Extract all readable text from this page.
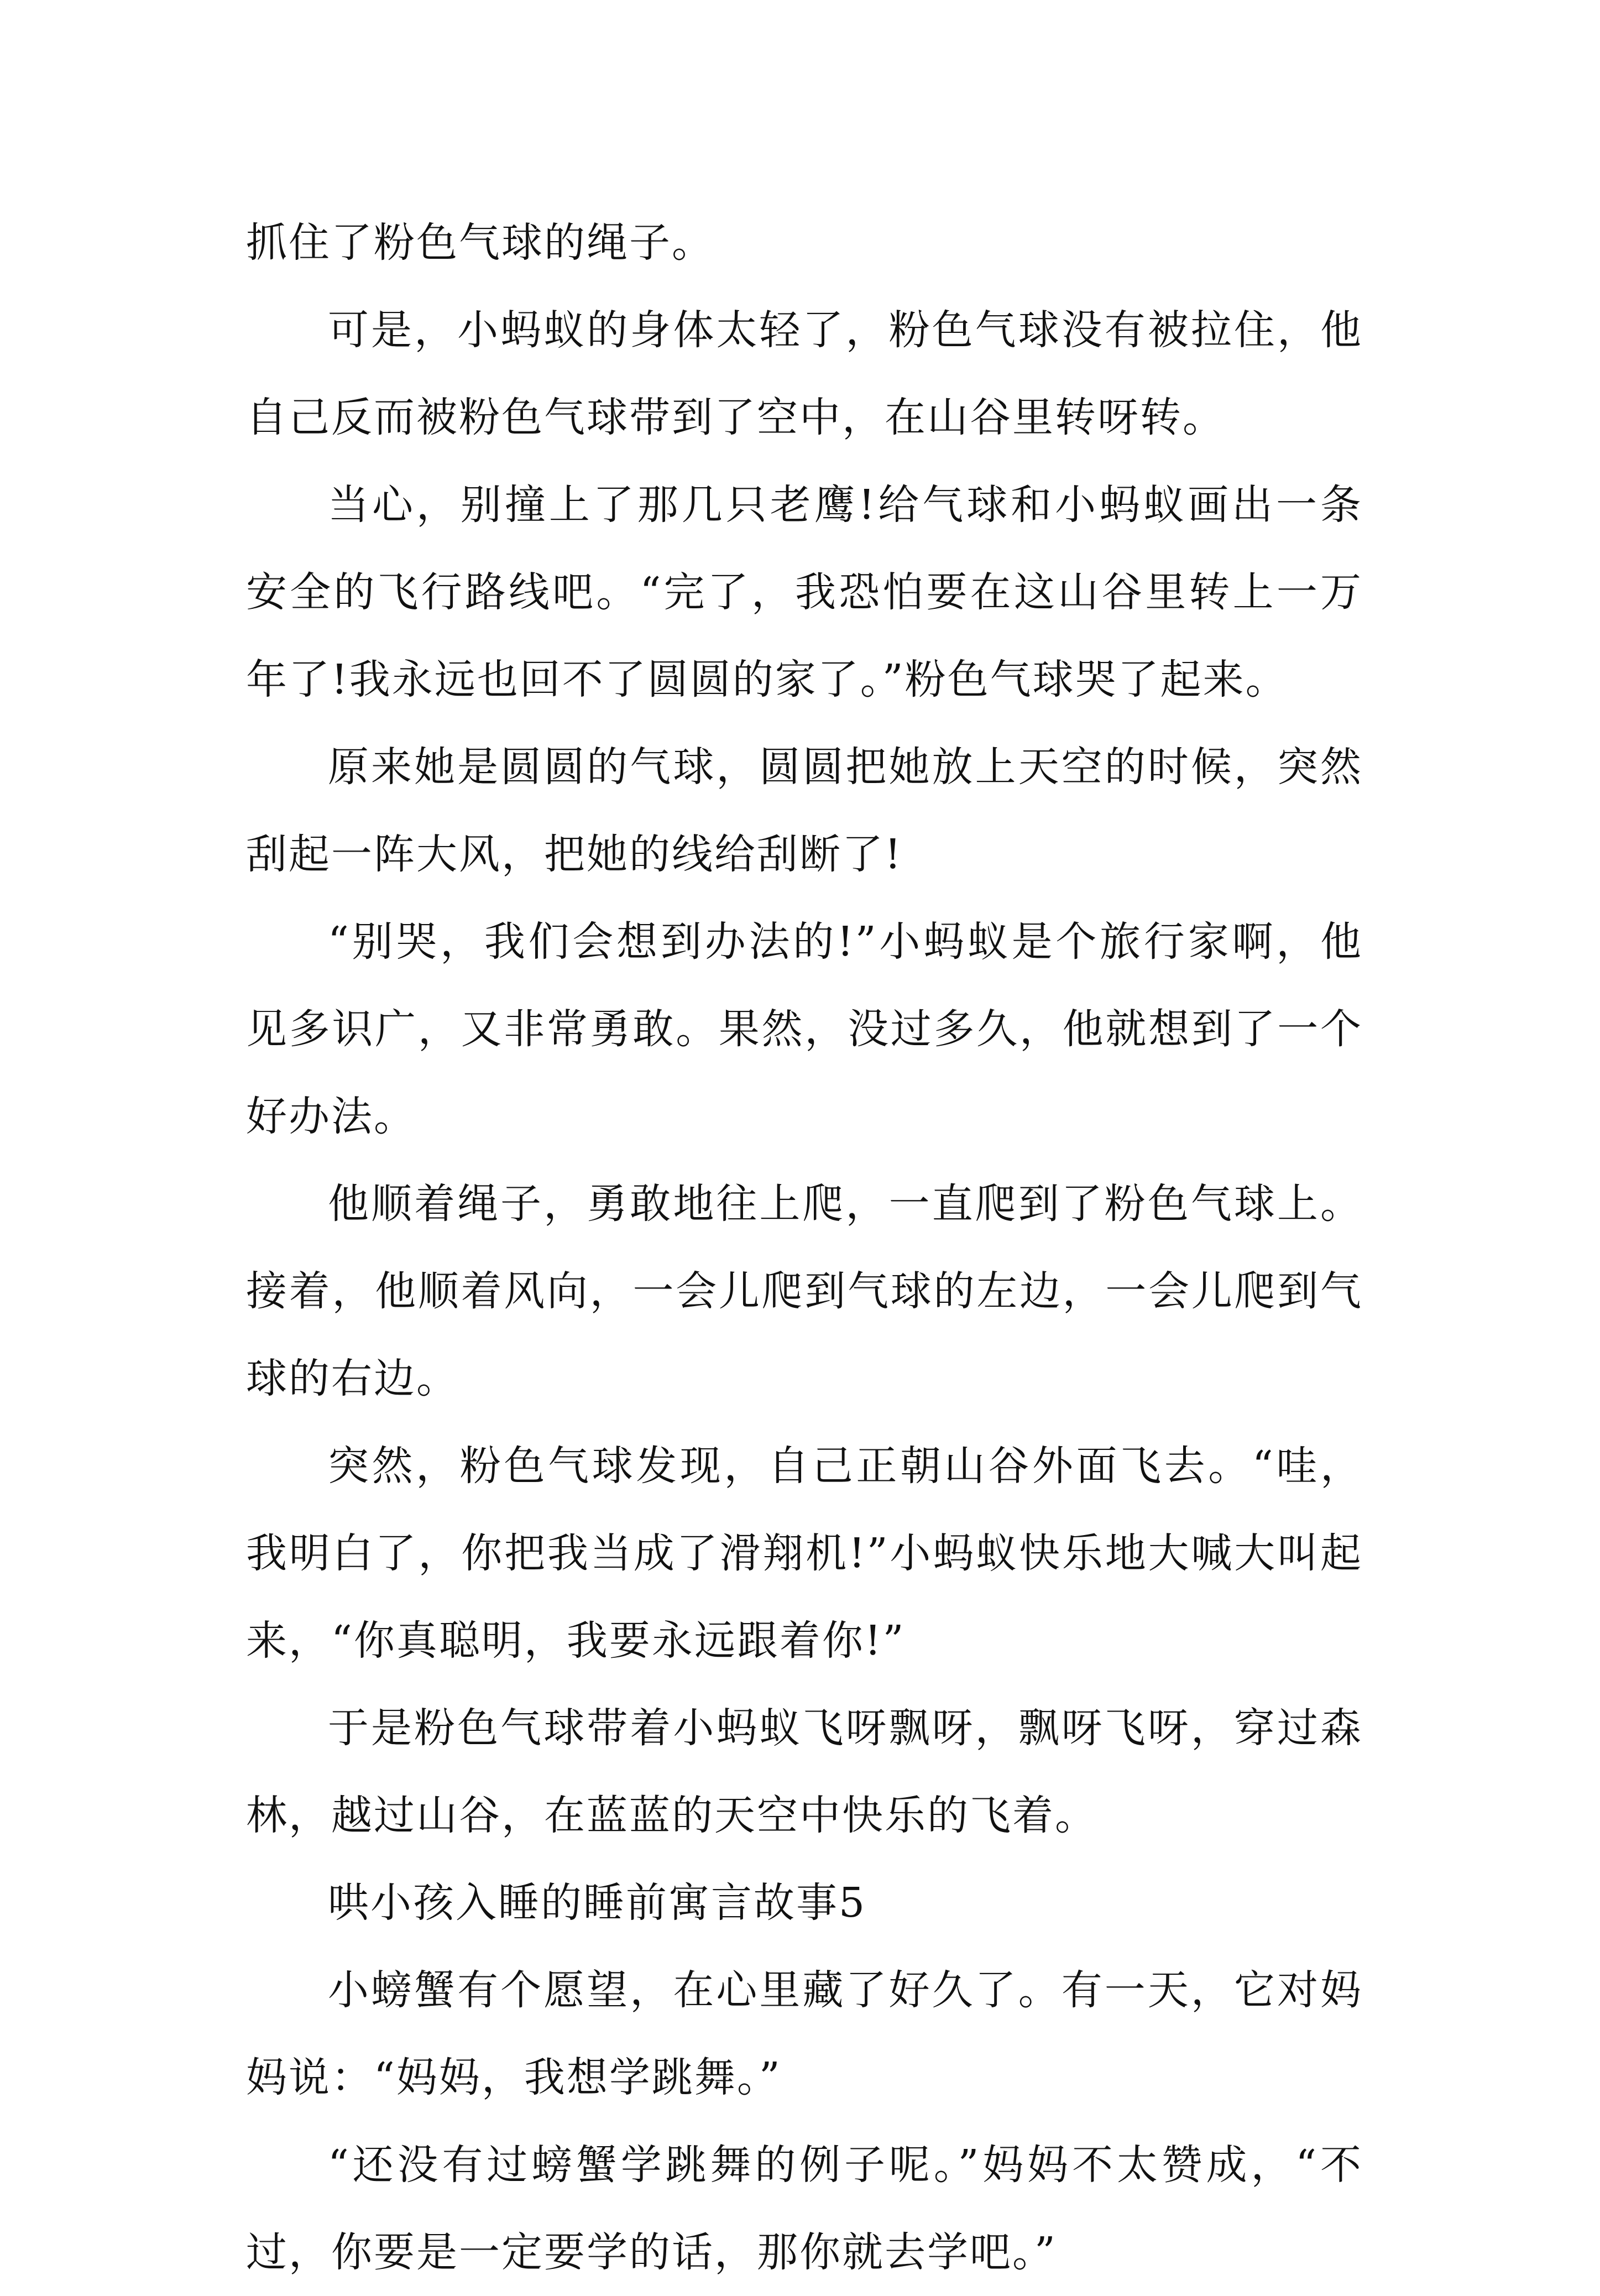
抓住了粉色气球的绳子。

可是，小蚂蚁的身体太轻了，粉色气球没有被拉住，他自己反而被粉色气球带到了空中，在山谷里转呀转。

当心，别撞上了那几只老鹰!给气球和小蚂蚁画出一条安全的飞行路线吧。“完了，我恐怕要在这山谷里转上一万年了!我永远也回不了圆圆的家了。”粉色气球哭了起来。

原来她是圆圆的气球，圆圆把她放上天空的时候，突然刮起一阵大风，把她的线给刮断了!

“别哭，我们会想到办法的!”小蚂蚁是个旅行家啊，他见多识广，又非常勇敢。果然，没过多久，他就想到了一个好办法。

他顺着绳子，勇敢地往上爬，一直爬到了粉色气球上。接着，他顺着风向，一会儿爬到气球的左边，一会儿爬到气球的右边。

突然，粉色气球发现，自己正朝山谷外面飞去。“哇，我明白了，你把我当成了滑翔机!”小蚂蚁快乐地大喊大叫起来，“你真聪明，我要永远跟着你!”

于是粉色气球带着小蚂蚁飞呀飘呀，飘呀飞呀，穿过森林，越过山谷，在蓝蓝的天空中快乐的飞着。

哄小孩入睡的睡前寓言故事5

小螃蟹有个愿望，在心里藏了好久了。有一天，它对妈妈说：“妈妈，我想学跳舞。”

“还没有过螃蟹学跳舞的例子呢。”妈妈不太赞成，“不过，你要是一定要学的话，那你就去学吧。”
